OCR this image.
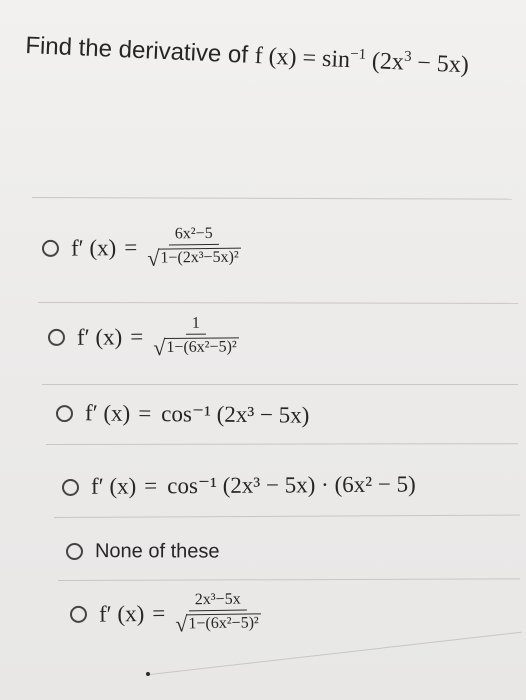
Find the derivative of f $(x) = \sin^{-1} (2x^3 - 5x)$
f′ $(x) = \frac{\text{6x²−5}}{\text{√ 1−(2x³−5x)²}}$
f′ $(x) = \frac{1}{\text{√ 1−(6x²−5)²}}$
f′ (x) = cos⁻¹ (2x³ − 5x)
f′ (x) = cos⁻¹ (2x³ − 5x) · (6x² − 5)
None of these
f′ $(x) = \frac{\text{2x³−5x}}{\text{√ 1−(6x²−5)²}}$
